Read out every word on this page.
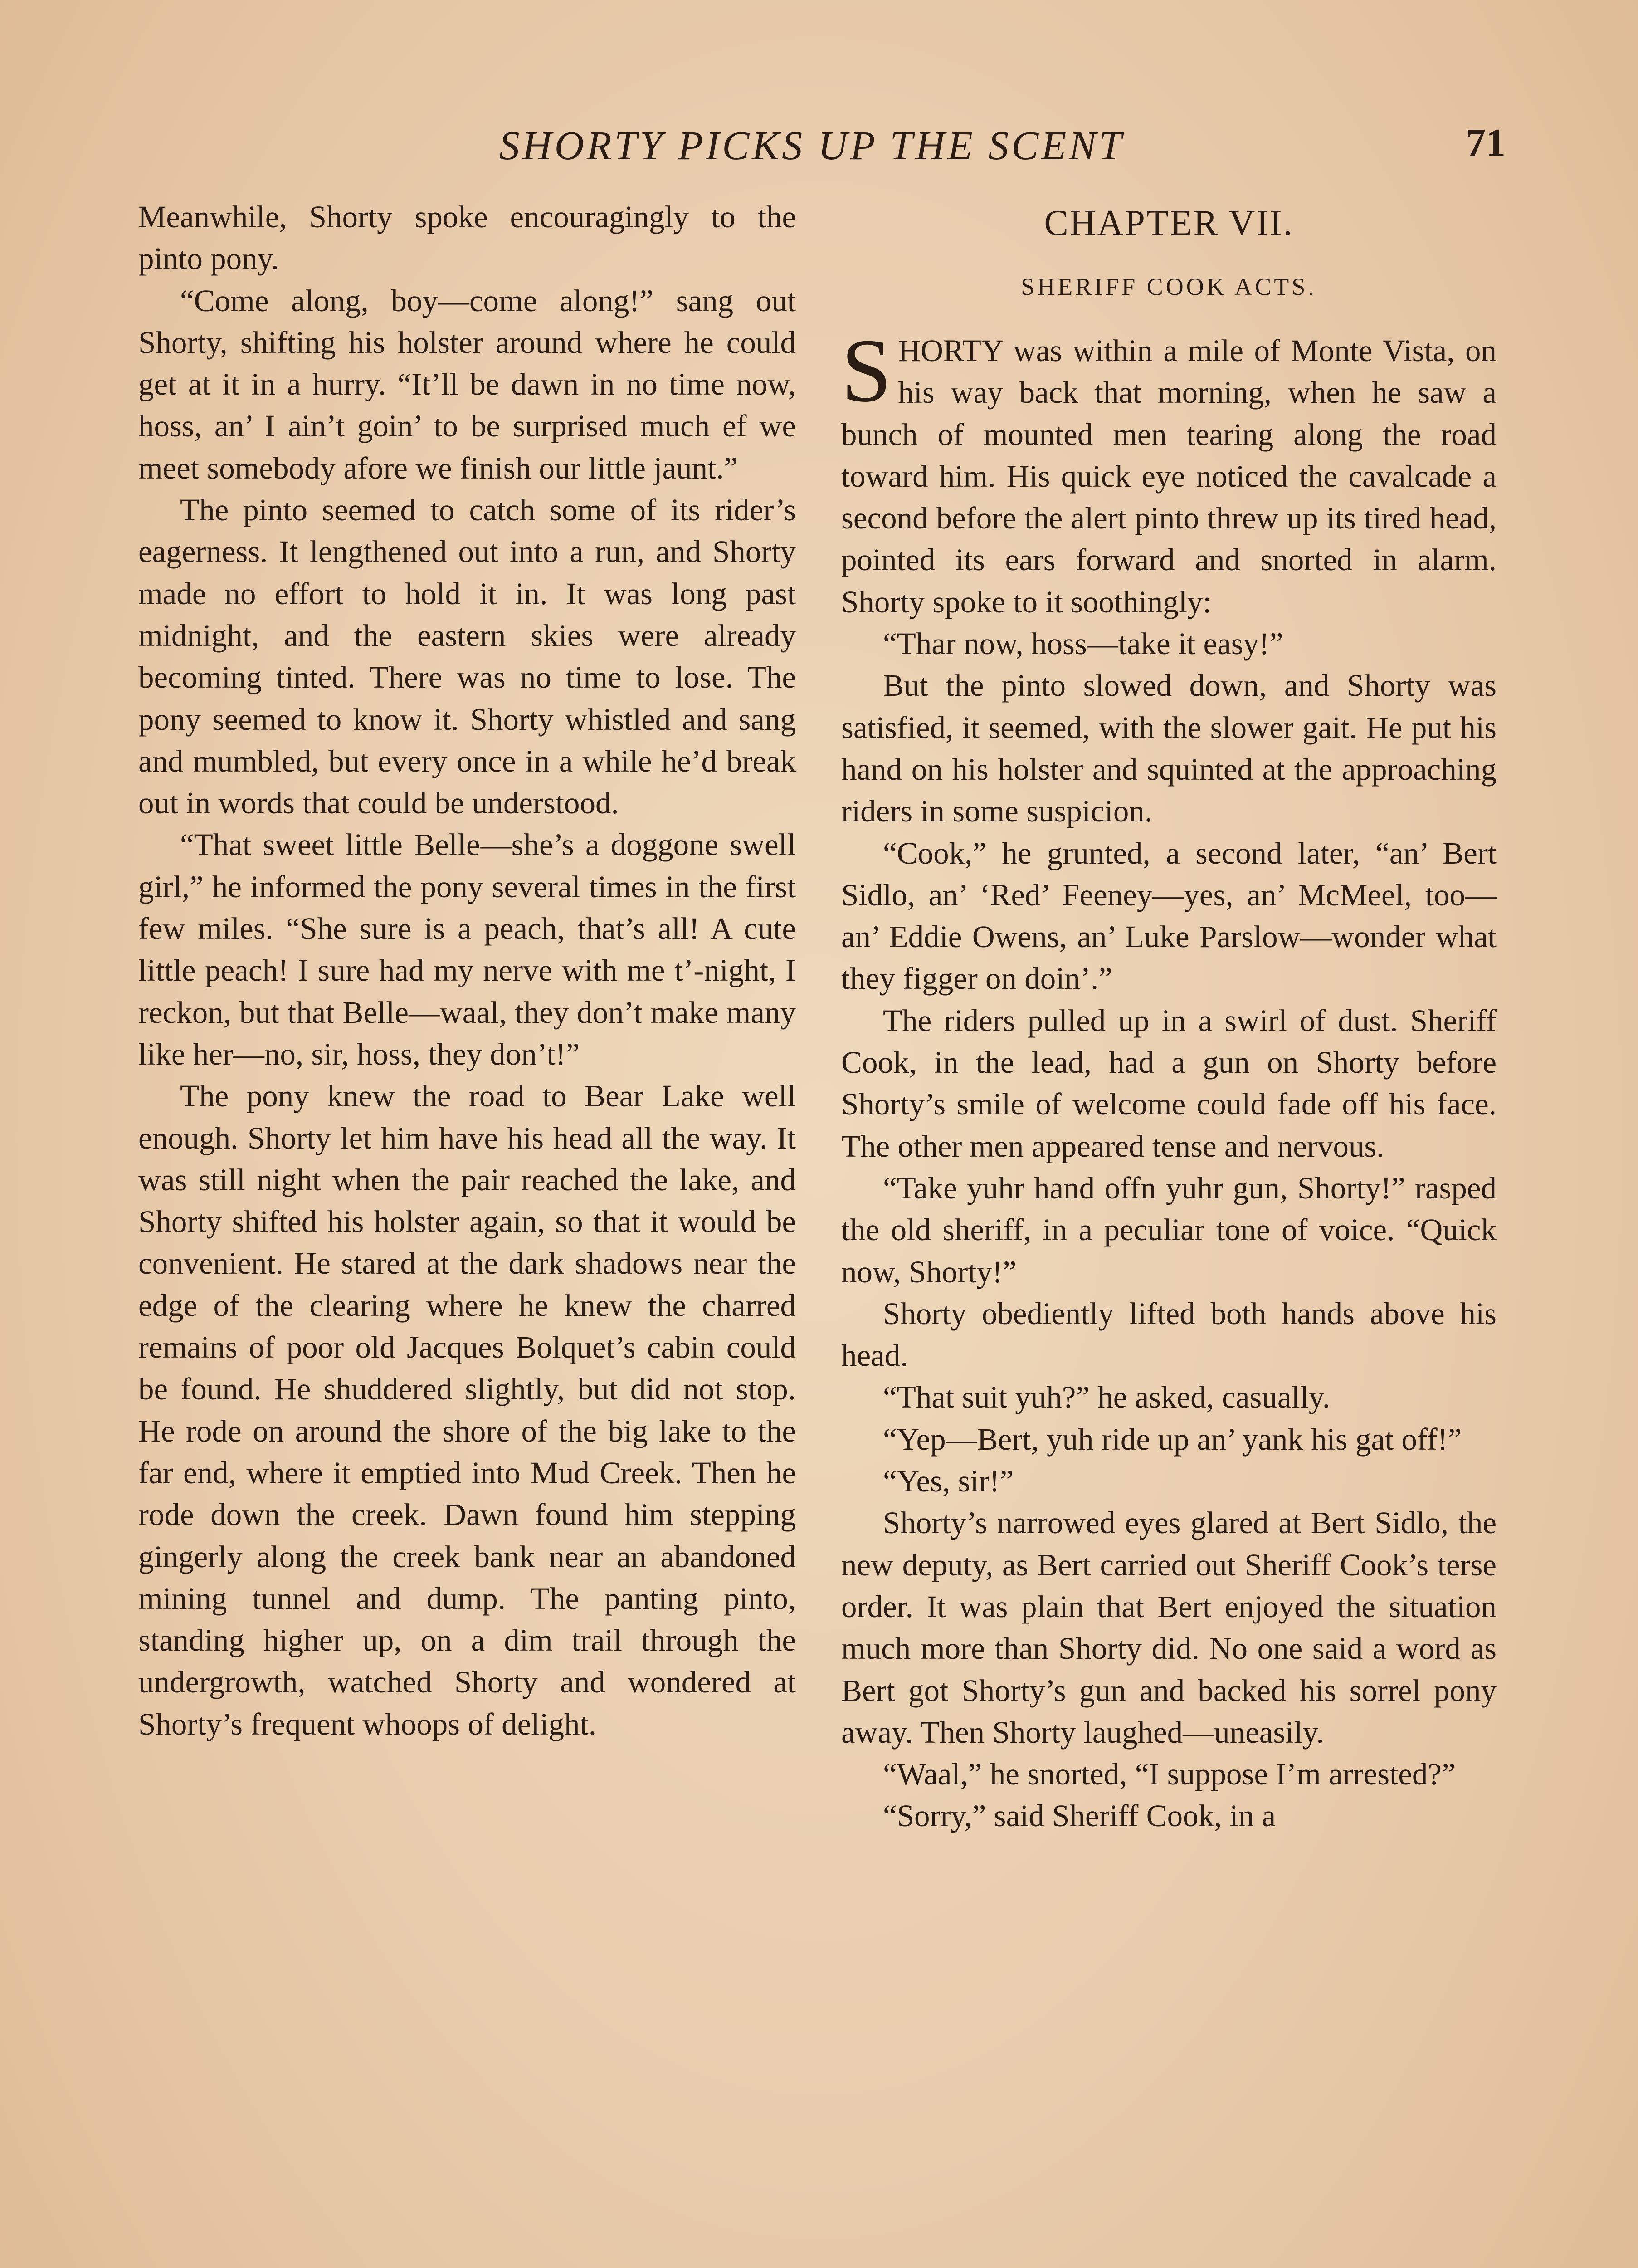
SHORTY PICKS UP THE SCENT	71

Meanwhile, Shorty spoke encouragingly to the pinto pony.

“Come along, boy—come along!” sang out Shorty, shifting his holster around where he could get at it in a hurry. “It’ll be dawn in no time now, hoss, an’ I ain’t goin’ to be surprised much ef we meet somebody afore we finish our little jaunt.”

The pinto seemed to catch some of its rider’s eagerness. It lengthened out into a run, and Shorty made no effort to hold it in. It was long past midnight, and the eastern skies were already becoming tinted. There was no time to lose. The pony seemed to know it. Shorty whistled and sang and mumbled, but every once in a while he’d break out in words that could be understood.

“That sweet little Belle—she’s a doggone swell girl,” he informed the pony several times in the first few miles. “She sure is a peach, that’s all! A cute little peach! I sure had my nerve with me t’-night, I reckon, but that Belle—waal, they don’t make many like her—no, sir, hoss, they don’t!”

The pony knew the road to Bear Lake well enough. Shorty let him have his head all the way. It was still night when the pair reached the lake, and Shorty shifted his holster again, so that it would be convenient. He stared at the dark shadows near the edge of the clearing where he knew the charred remains of poor old Jacques Bolquet’s cabin could be found. He shuddered slightly, but did not stop. He rode on around the shore of the big lake to the far end, where it emptied into Mud Creek. Then he rode down the creek. Dawn found him stepping gingerly along the creek bank near an abandoned mining tunnel and dump. The panting pinto, standing higher up, on a dim trail through the undergrowth, watched Shorty and wondered at Shorty’s frequent whoops of delight.

CHAPTER VII.
SHERIFF COOK ACTS.

SHORTY was within a mile of Monte Vista, on his way back that morning, when he saw a bunch of mounted men tearing along the road toward him. His quick eye noticed the cavalcade a second before the alert pinto threw up its tired head, pointed its ears forward and snorted in alarm. Shorty spoke to it soothingly:

“Thar now, hoss—take it easy!”

But the pinto slowed down, and Shorty was satisfied, it seemed, with the slower gait. He put his hand on his holster and squinted at the approaching riders in some suspicion.

“Cook,” he grunted, a second later, “an’ Bert Sidlo, an’ ‘Red’ Feeney—yes, an’ McMeel, too—an’ Eddie Owens, an’ Luke Parslow—wonder what they figger on doin’.”

The riders pulled up in a swirl of dust. Sheriff Cook, in the lead, had a gun on Shorty before Shorty’s smile of welcome could fade off his face. The other men appeared tense and nervous.

“Take yuhr hand offn yuhr gun, Shorty!” rasped the old sheriff, in a peculiar tone of voice. “Quick now, Shorty!”

Shorty obediently lifted both hands above his head.

“That suit yuh?” he asked, casually.

“Yep—Bert, yuh ride up an’ yank his gat off!”

“Yes, sir!”

Shorty’s narrowed eyes glared at Bert Sidlo, the new deputy, as Bert carried out Sheriff Cook’s terse order. It was plain that Bert enjoyed the situation much more than Shorty did. No one said a word as Bert got Shorty’s gun and backed his sorrel pony away. Then Shorty laughed—uneasily.

“Waal,” he snorted, “I suppose I’m arrested?”

“Sorry,” said Sheriff Cook, in a
